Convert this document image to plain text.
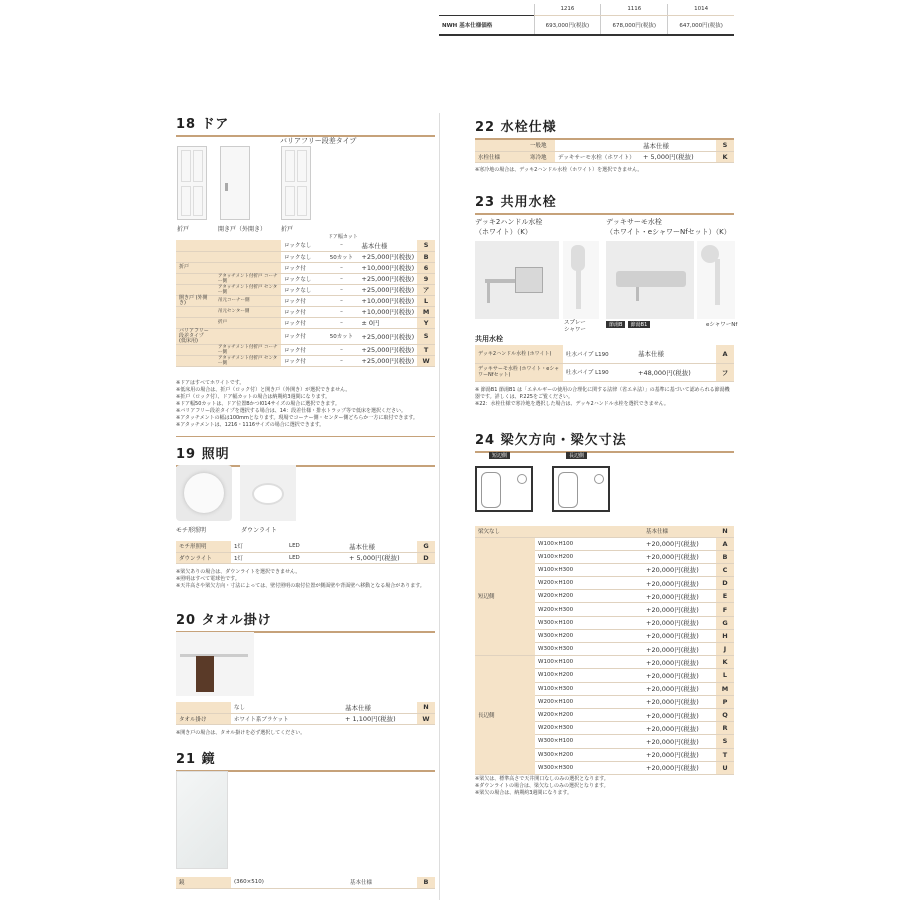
	1216	1116	1014
NWH 基本仕様価格	693,000円(税抜)	678,000円(税抜)	647,000円(税抜)
18 ドア
バリアフリー段差タイプ
折戸	開き戸（外開き） 折戸
ドア幅カット
		ロックなし	–	基本仕様	S
		ロックなし	50カット	+25,000円(税抜)	B
折戸		ロック付	–	+10,000円(税抜)	6
	アタッチメント付折戸 コーナー側	ロックなし	–	+25,000円(税抜)	9
	アタッチメント付折戸 センター側	ロックなし	–	+25,000円(税抜)	ア
開き戸 (外開き)	吊元コーナー側	ロック付	–	+10,000円(税抜)	L
	吊元センター側	ロック付	–	+10,000円(税抜)	M
	折戸	ロック付	–	± 0円	Y
バリアフリー 段差タイプ (低床用)		ロック付	50カット	+25,000円(税抜)	S
	アタッチメント付折戸 コーナー側	ロック付	–	+25,000円(税抜)	T
	アタッチメント付折戸 センター側	ロック付	–	+25,000円(税抜)	W
※ドアはすべてホワイトです。
※低床用の場合は、折戸（ロック付）と開き戸（外開き）が選択できません。
※折戸（ロック付）、ドア幅カットの場合は納期約3週間になります。
※ドア幅50カットは、ドア位置BかつI014サイズの場合に選択できます。
※バリアフリー段差タイプを選択する場合は、14：段差仕様・排水トラップ等で低床を選択ください。
※アタッチメントの幅は100mmとなります。現場でコーナー側・センター側どちらか一方に取付できます。
※アタッチメントは、1216・1116サイズの場合に選択できます。
19 照明
モチ形照明	ダウンライト
モチ形照明	1灯	LED	基本仕様	G
ダウンライト	1灯	LED	+ 5,000円(税抜)	D
※梁欠ありの場合は、ダウンライトを選択できません。
※照明はすべて電球色です。
※天井高さや梁欠方向・寸法によっては、壁付照明の取付位置が側面壁や背面壁へ移動となる場合があります。
20 タオル掛け
	なし	基本仕様	N
タオル掛け	ホワイト系ブラケット	+ 1,100円(税抜)	W
※開き戸の場合は、タオル掛けを必ず選択してください。
21 鏡
鏡	(360×510)	基本仕様	B
22 水栓仕様
	一般地		基本仕様	S
水栓仕様	寒冷地	デッキサーモ水栓（ホワイト）	+ 5,000円(税抜)	K
※寒冷地の場合は、デッキ2ハンドル水栓（ホワイト）を選択できません。
23 共用水栓
デッキ2ハンドル水栓
（ホワイト）（K）
デッキサーモ水栓
（ホワイト・eシャワーNfセット）（K）
スプレー
シャワー
節湯B 節湯B1	eシャワーNf
共用水栓
デッキ2ハンドル水栓 (ホワイト)	吐水パイプ L190	基本仕様	A
デッキサーモ水栓 (ホワイト・eシャワーNfセット)	吐水パイプ L190	+48,000円(税抜)	フ
※ 節湯B1 節湯B1 は「エネルギーの使用の合理化に関する法律（省エネ法）」の基準に基づいて認められる節湯機器です。詳しくは、P.225をご覧ください。
※22：水栓仕様で寒冷地を選択した場合は、デッキ2ハンドル水栓を選択できません。
24 梁欠方向・梁欠寸法
短辺側	長辺側
梁欠なし		基本仕様	N
短辺側	W100×H100	+20,000円(税抜)	A
	W100×H200	+20,000円(税抜)	B
	W100×H300	+20,000円(税抜)	C
	W200×H100	+20,000円(税抜)	D
	W200×H200	+20,000円(税抜)	E
	W200×H300	+20,000円(税抜)	F
	W300×H100	+20,000円(税抜)	G
	W300×H200	+20,000円(税抜)	H
	W300×H300	+20,000円(税抜)	J
長辺側	W100×H100	+20,000円(税抜)	K
	W100×H200	+20,000円(税抜)	L
	W100×H300	+20,000円(税抜)	M
	W200×H100	+20,000円(税抜)	P
	W200×H200	+20,000円(税抜)	Q
	W200×H300	+20,000円(税抜)	R
	W300×H100	+20,000円(税抜)	S
	W300×H200	+20,000円(税抜)	T
	W300×H300	+20,000円(税抜)	U
※梁欠は、標準高さで天井開口なしのみの選択となります。
※ダウンライトの場合は、梁欠なしのみの選択となります。
※梁欠の場合は、納期約3週間になります。
